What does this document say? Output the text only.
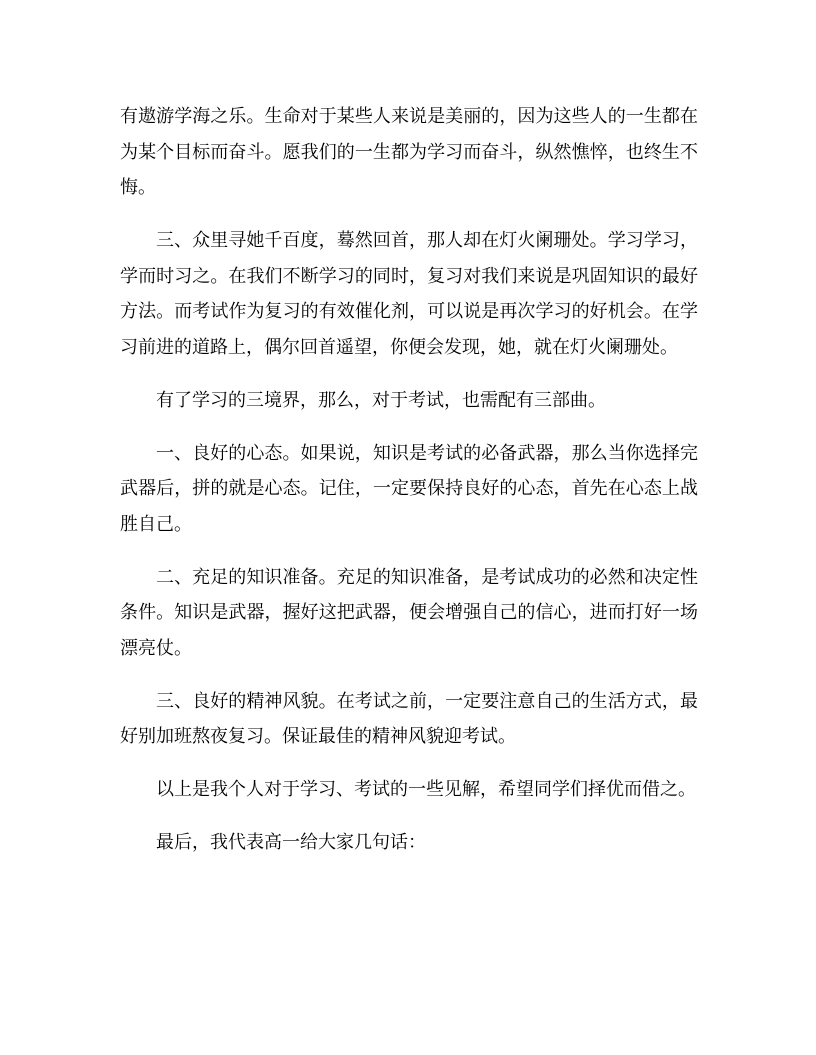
有遨游学海之乐。生命对于某些人来说是美丽的，因为这些人的一生都在为某个目标而奋斗。愿我们的一生都为学习而奋斗，纵然憔悴，也终生不悔。

三、众里寻她千百度，蓦然回首，那人却在灯火阑珊处。学习学习，学而时习之。在我们不断学习的同时，复习对我们来说是巩固知识的最好方法。而考试作为复习的有效催化剂，可以说是再次学习的好机会。在学习前进的道路上，偶尔回首遥望，你便会发现，她，就在灯火阑珊处。

有了学习的三境界，那么，对于考试，也需配有三部曲。

一、良好的心态。如果说，知识是考试的必备武器，那么当你选择完武器后，拼的就是心态。记住，一定要保持良好的心态，首先在心态上战胜自己。

二、充足的知识准备。充足的知识准备，是考试成功的必然和决定性条件。知识是武器，握好这把武器，便会增强自己的信心，进而打好一场漂亮仗。

三、良好的精神风貌。在考试之前，一定要注意自己的生活方式，最好别加班熬夜复习。保证最佳的精神风貌迎考试。

以上是我个人对于学习、考试的一些见解，希望同学们择优而借之。

最后，我代表高一给大家几句话：
